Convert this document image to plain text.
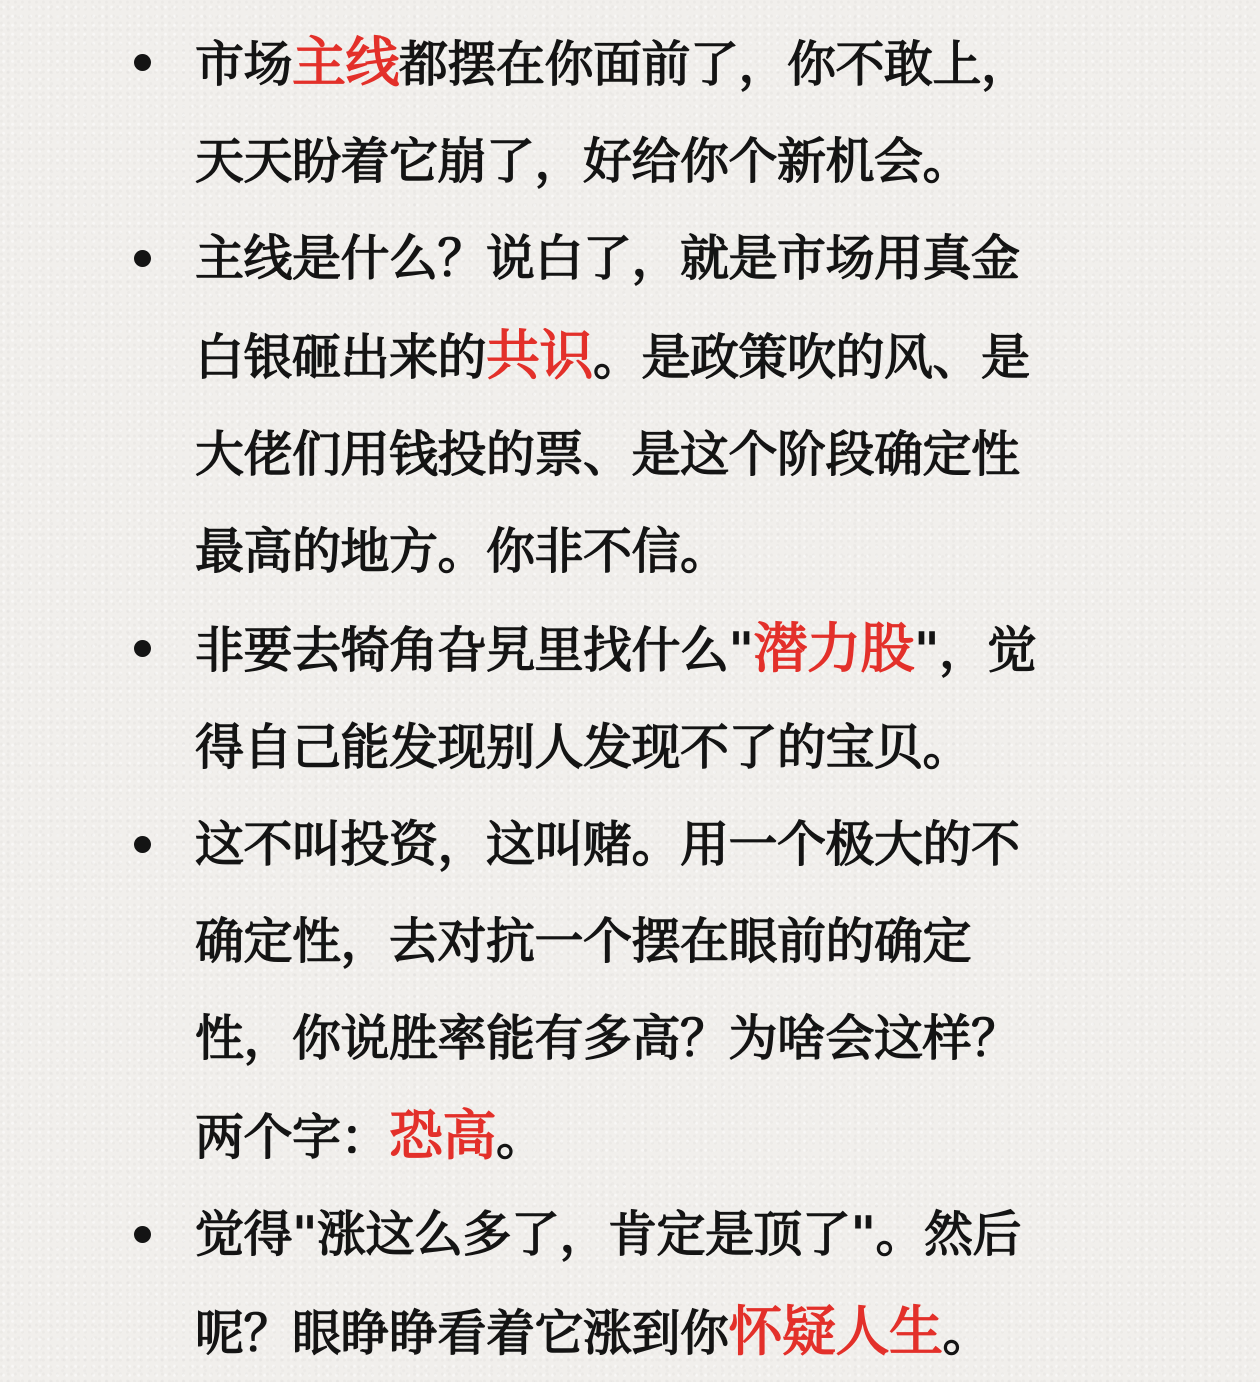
市场主线都摆在你面前了，你不敢上，
天天盼着它崩了，好给你个新机会。
主线是什么？说白了，就是市场用真金
白银砸出来的共识。是政策吹的风、是
大佬们用钱投的票、是这个阶段确定性
最高的地方。你非不信。
非要去犄角旮旯里找什么"潜力股"，觉
得自己能发现别人发现不了的宝贝。
这不叫投资，这叫赌。用一个极大的不
确定性，去对抗一个摆在眼前的确定
性，你说胜率能有多高？为啥会这样？
两个字：恐高。
觉得"涨这么多了，肯定是顶了"。然后
呢？眼睁睁看着它涨到你怀疑人生。
